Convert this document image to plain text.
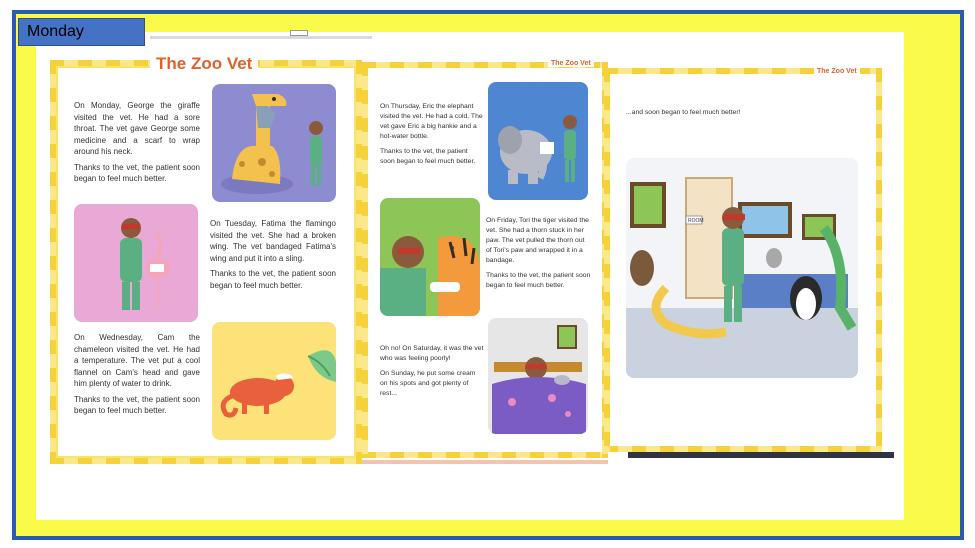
Monday
The Zoo Vet

On Monday, George the giraffe visited the vet. He had a sore throat. The vet gave George some medicine and a scarf to wrap around his neck.

Thanks to the vet, the patient soon began to feel much better.

On Tuesday, Fatima the flamingo visited the vet. She had a broken wing. The vet bandaged Fatima's wing and put it into a sling.

Thanks to the vet, the patient soon began to feel much better.

On Wednesday, Cam the chameleon visited the vet. He had a temperature. The vet put a cool flannel on Cam's head and gave him plenty of water to drink.

Thanks to the vet, the patient soon began to feel much better.

The Zoo Vet

On Thursday, Eric the elephant visited the vet. He had a cold. The vet gave Eric a big hankie and a hot-water bottle.

Thanks to the vet, the patient soon began to feel much better.

On Friday, Tori the tiger visited the vet. She had a thorn stuck in her paw. The vet pulled the thorn out of Tori's paw and wrapped it in a bandage.

Thanks to the vet, the patient soon began to feel much better.

Oh no! On Saturday, it was the vet who was feeling poorly!

On Sunday, he put some cream on his spots and got plenty of rest...

The Zoo Vet
...and soon began to feel much better!
ROOM
